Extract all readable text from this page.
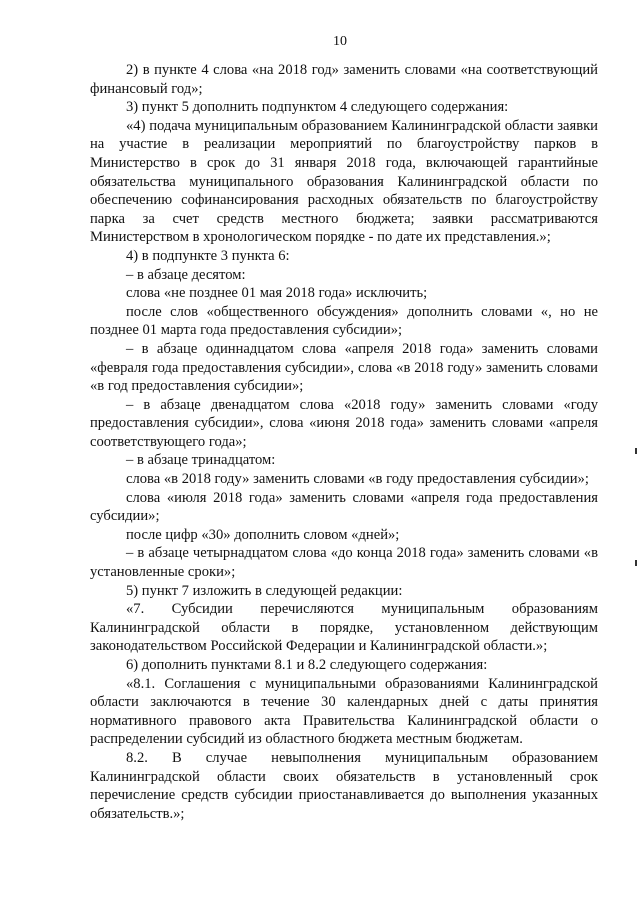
10

2) в пункте 4 слова «на 2018 год» заменить словами «на соответствующий финансовый год»;

3) пункт 5 дополнить подпунктом 4 следующего содержания:

«4) подача муниципальным образованием Калининградской области заявки на участие в реализации мероприятий по благоустройству парков в Министерство в срок до 31 января 2018 года, включающей гарантийные обязательства муниципального образования Калининградской области по обеспечению софинансирования расходных обязательств по благоустройству парка за счет средств местного бюджета; заявки рассматриваются Министерством в хронологическом порядке - по дате их представления.»;

4) в подпункте 3 пункта 6:

– в абзаце десятом:

слова «не позднее 01 мая 2018 года» исключить;

после слов «общественного обсуждения» дополнить словами «, но не позднее 01 марта года предоставления субсидии»;

– в абзаце одиннадцатом слова «апреля 2018 года» заменить словами «февраля года предоставления субсидии», слова «в 2018 году» заменить словами «в год предоставления субсидии»;

– в абзаце двенадцатом слова «2018 году» заменить словами «году предоставления субсидии», слова «июня 2018 года» заменить словами «апреля соответствующего года»;

– в абзаце тринадцатом:

слова «в 2018 году» заменить словами «в году предоставления субсидии»;

слова «июля 2018 года» заменить словами «апреля года предоставления субсидии»;

после цифр «30» дополнить словом «дней»;

– в абзаце четырнадцатом слова «до конца 2018 года» заменить словами «в установленные сроки»;

5) пункт 7 изложить в следующей редакции:

«7. Субсидии перечисляются муниципальным образованиям Калининградской области в порядке, установленном действующим законодательством Российской Федерации и Калининградской области.»;

6) дополнить пунктами 8.1 и 8.2 следующего содержания:

«8.1. Соглашения с муниципальными образованиями Калининградской области заключаются в течение 30 календарных дней с даты принятия нормативного правового акта Правительства Калининградской области о распределении субсидий из областного бюджета местным бюджетам.

8.2. В случае невыполнения муниципальным образованием Калининградской области своих обязательств в установленный срок перечисление средств субсидии приостанавливается до выполнения указанных обязательств.»;
